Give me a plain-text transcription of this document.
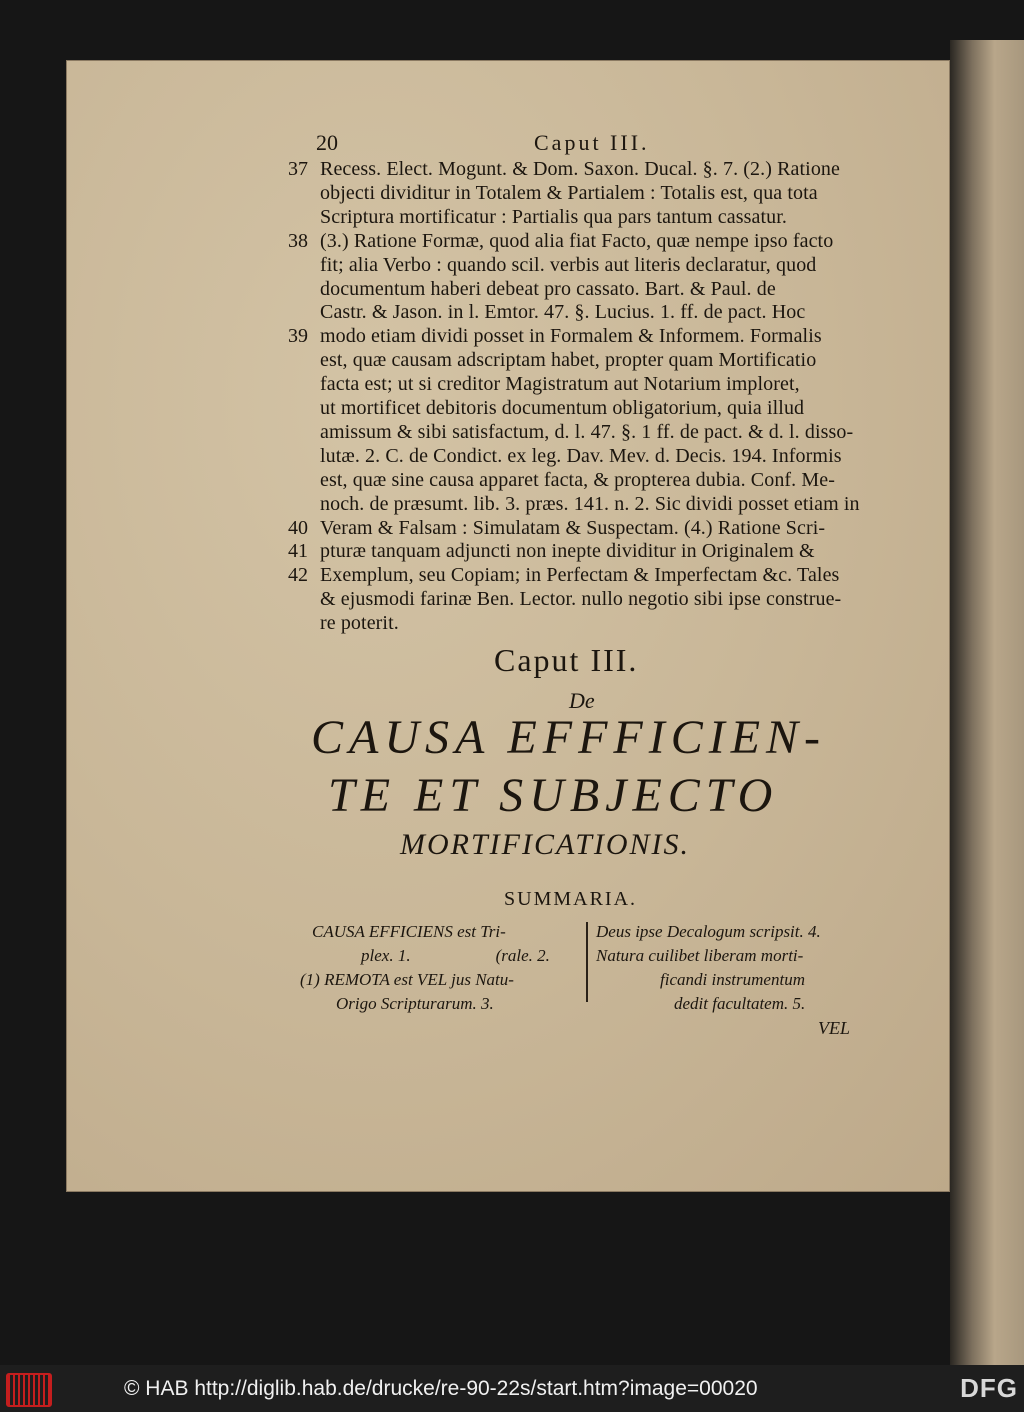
20	Caput III.
37 Recess. Elect. Mogunt. & Dom. Saxon. Ducal. §. 7. (2.) Ratione
objecti dividitur in Totalem & Partialem : Totalis est, qua tota
Scriptura mortificatur : Partialis qua pars tantum cassatur.
38 (3.) Ratione Formæ, quod alia fiat Facto, quæ nempe ipso facto
fit; alia Verbo : quando scil. verbis aut literis declaratur, quod
documentum haberi debeat pro cassato. Bart. & Paul. de
Castr. & Jason. in l. Emtor. 47. §. Lucius. 1. ff. de pact. Hoc
39 modo etiam dividi posset in Formalem & Informem. Formalis
est, quæ causam adscriptam habet, propter quam Mortificatio
facta est; ut si creditor Magistratum aut Notarium imploret,
ut mortificet debitoris documentum obligatorium, quia illud
amissum & sibi satisfactum, d. l. 47. §. 1 ff. de pact. & d. l. disso-
lutæ. 2. C. de Condict. ex leg. Dav. Mev. d. Decis. 194. Informis
est, quæ sine causa apparet facta, & propterea dubia. Conf. Me-
noch. de præsumt. lib. 3. præs. 141. n. 2. Sic dividi posset etiam in
40 Veram & Falsam : Simulatam & Suspectam. (4.) Ratione Scri-
41 pturæ tanquam adjuncti non inepte dividitur in Originalem &
42 Exemplum, seu Copiam; in Perfectam & Imperfectam &c. Tales
& ejusmodi farinæ Ben. Lector. nullo negotio sibi ipse construe-
re poterit.
Caput III.
De
CAUSA EFFFICIEN-
TE ET SUBJECTO
MORTIFICATIONIS.
SUMMARIA.
CAUSA EFFICIENS est Tri-
plex. 1.                    (rale. 2.
(1) REMOTA est VEL jus Natu-
Origo Scripturarum. 3.
Deus ipse Decalogum scripsit. 4.
Natura cuilibet liberam morti-
ficandi instrumentum
dedit facultatem. 5.
VEL
© HAB http://diglib.hab.de/drucke/re-90-22s/start.htm?image=00020	DFG
